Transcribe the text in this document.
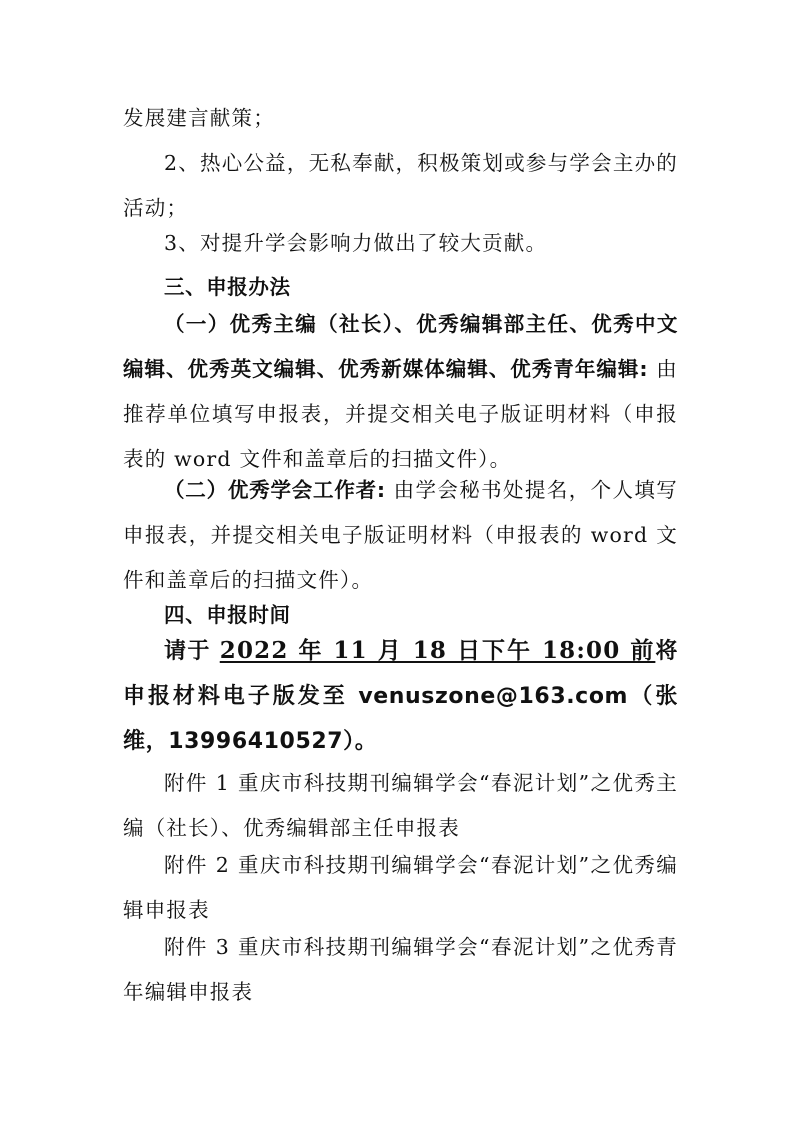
发展建言献策；

2、热心公益，无私奉献，积极策划或参与学会主办的活动；

3、对提升学会影响力做出了较大贡献。

三、申报办法

（一）优秀主编（社长）、优秀编辑部主任、优秀中文编辑、优秀英文编辑、优秀新媒体编辑、优秀青年编辑: 由推荐单位填写申报表，并提交相关电子版证明材料（申报表的 word 文件和盖章后的扫描文件）。

（二）优秀学会工作者: 由学会秘书处提名，个人填写申报表，并提交相关电子版证明材料（申报表的 word 文件和盖章后的扫描文件）。

四、申报时间

请于 2022 年 11 月 18 日下午 18:00 前将申报材料电子版发至 venuszone@163.com（张维，13996410527）。

附件 1 重庆市科技期刊编辑学会“春泥计划”之优秀主编（社长）、优秀编辑部主任申报表

附件 2 重庆市科技期刊编辑学会“春泥计划”之优秀编辑申报表

附件 3 重庆市科技期刊编辑学会“春泥计划”之优秀青年编辑申报表
